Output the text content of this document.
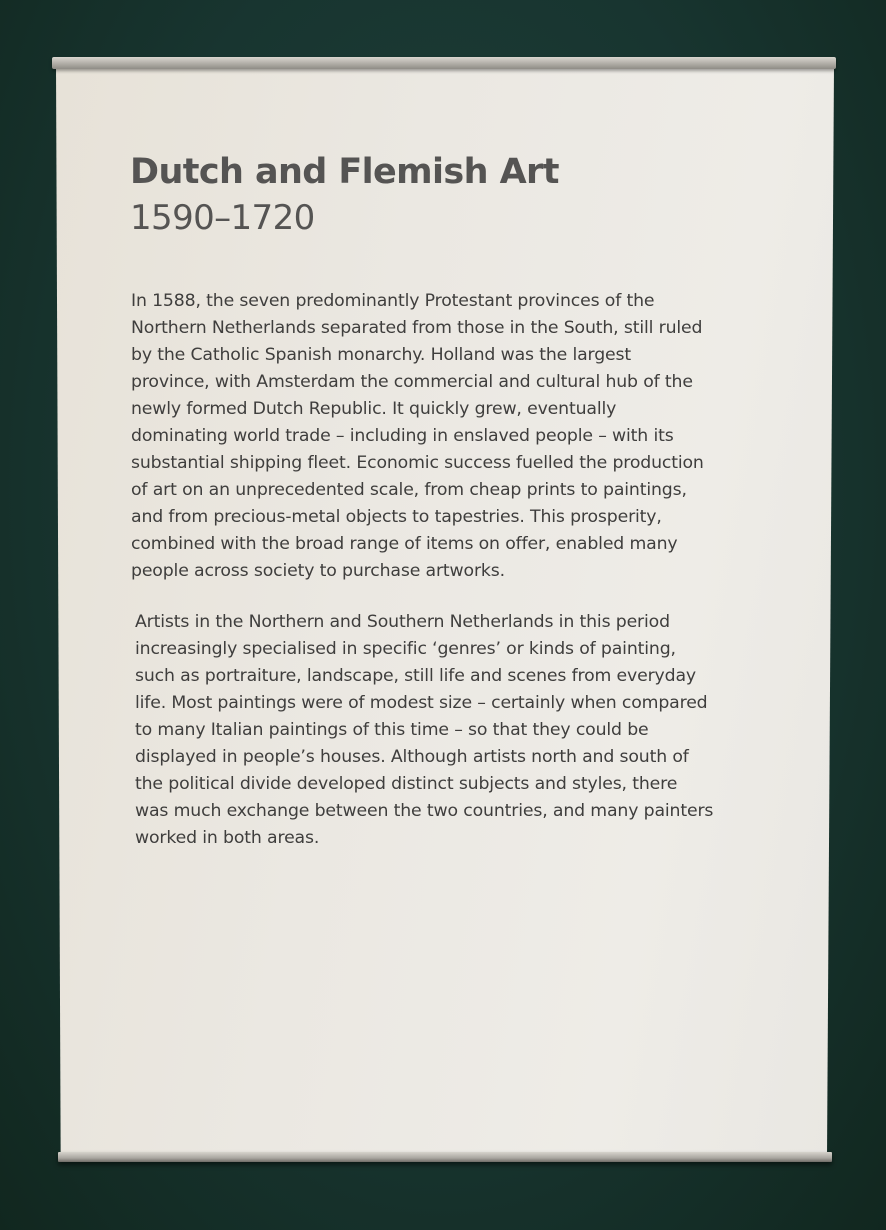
Dutch and Flemish Art
1590–1720

In 1588, the seven predominantly Protestant provinces of the
Northern Netherlands separated from those in the South, still ruled
by the Catholic Spanish monarchy. Holland was the largest
province, with Amsterdam the commercial and cultural hub of the
newly formed Dutch Republic. It quickly grew, eventually
dominating world trade – including in enslaved people – with its
substantial shipping fleet. Economic success fuelled the production
of art on an unprecedented scale, from cheap prints to paintings,
and from precious-metal objects to tapestries. This prosperity,
combined with the broad range of items on offer, enabled many
people across society to purchase artworks.

Artists in the Northern and Southern Netherlands in this period
increasingly specialised in specific ‘genres’ or kinds of painting,
such as portraiture, landscape, still life and scenes from everyday
life. Most paintings were of modest size – certainly when compared
to many Italian paintings of this time – so that they could be
displayed in people’s houses. Although artists north and south of
the political divide developed distinct subjects and styles, there
was much exchange between the two countries, and many painters
worked in both areas.
